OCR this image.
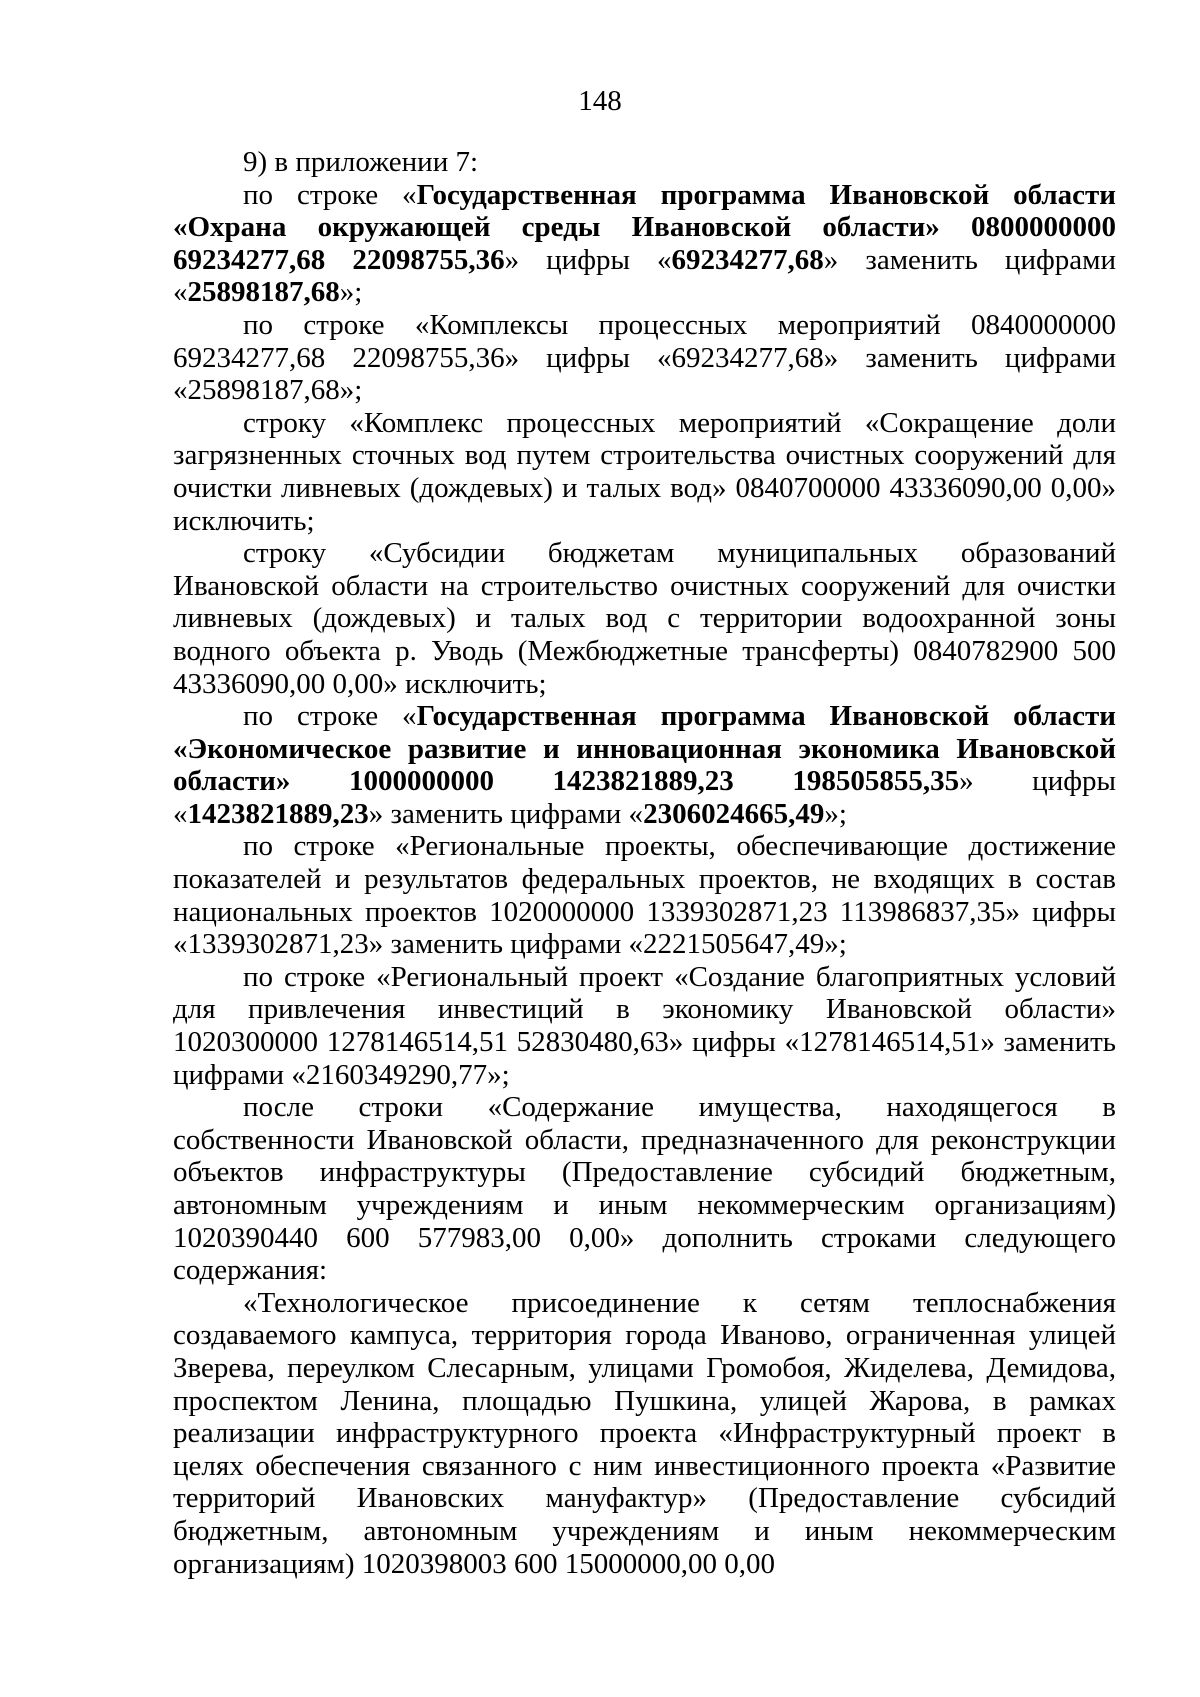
148

9) в приложении 7:

по строке «Государственная программа Ивановской области «Охрана окружающей среды Ивановской области» 0800000000 69234277,68 22098755,36» цифры «69234277,68» заменить цифрами «25898187,68»;

по строке «Комплексы процессных мероприятий 0840000000 69234277,68 22098755,36» цифры «69234277,68» заменить цифрами «25898187,68»;

строку «Комплекс процессных мероприятий «Сокращение доли загрязненных сточных вод путем строительства очистных сооружений для очистки ливневых (дождевых) и талых вод» 0840700000 43336090,00 0,00» исключить;

строку «Субсидии бюджетам муниципальных образований Ивановской области на строительство очистных сооружений для очистки ливневых (дождевых) и талых вод с территории водоохранной зоны водного объекта р. Уводь (Межбюджетные трансферты) 0840782900 500 43336090,00 0,00» исключить;

по строке «Государственная программа Ивановской области «Экономическое развитие и инновационная экономика Ивановской области» 1000000000 1423821889,23 198505855,35» цифры «1423821889,23» заменить цифрами «2306024665,49»;

по строке «Региональные проекты, обеспечивающие достижение показателей и результатов федеральных проектов, не входящих в состав национальных проектов 1020000000 1339302871,23 113986837,35» цифры «1339302871,23» заменить цифрами «2221505647,49»;

по строке «Региональный проект «Создание благоприятных условий для привлечения инвестиций в экономику Ивановской области» 1020300000 1278146514,51 52830480,63» цифры «1278146514,51» заменить цифрами «2160349290,77»;

после строки «Содержание имущества, находящегося в собственности Ивановской области, предназначенного для реконструкции объектов инфраструктуры (Предоставление субсидий бюджетным, автономным учреждениям и иным некоммерческим организациям) 1020390440 600 577983,00 0,00» дополнить строками следующего содержания:

«Технологическое присоединение к сетям теплоснабжения создаваемого кампуса, территория города Иваново, ограниченная улицей Зверева, переулком Слесарным, улицами Громобоя, Жиделева, Демидова, проспектом Ленина, площадью Пушкина, улицей Жарова, в рамках реализации инфраструктурного проекта «Инфраструктурный проект в целях обеспечения связанного с ним инвестиционного проекта «Развитие территорий Ивановских мануфактур» (Предоставление субсидий бюджетным, автономным учреждениям и иным некоммерческим организациям) 1020398003 600 15000000,00 0,00
